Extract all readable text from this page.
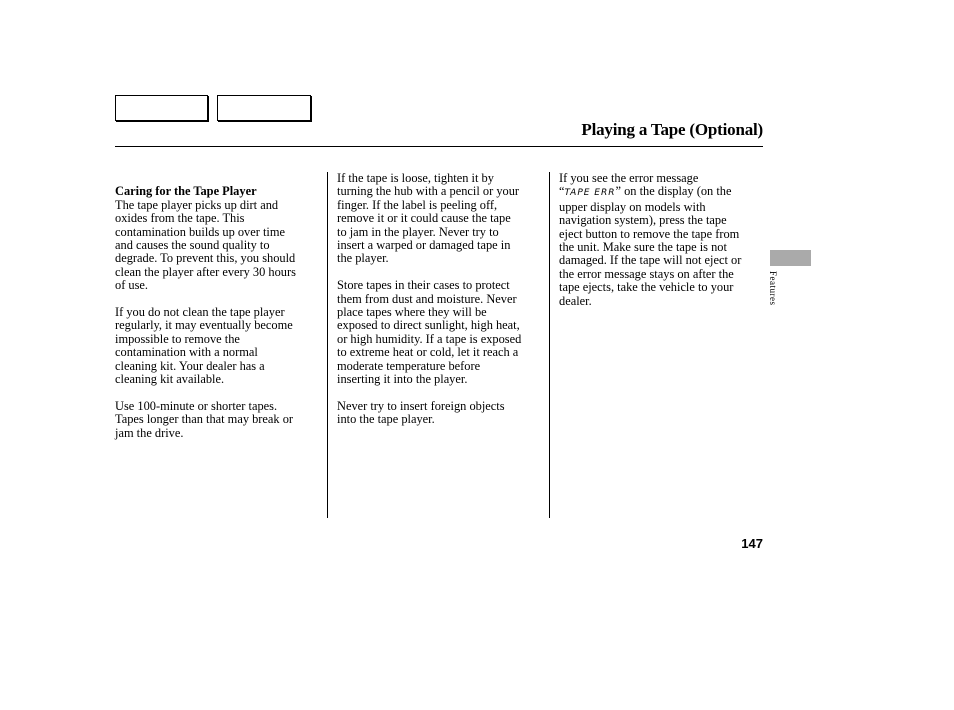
Playing a Tape (Optional)

Caring for the Tape Player
The tape player picks up dirt and
oxides from the tape. This
contamination builds up over time
and causes the sound quality to
degrade. To prevent this, you should
clean the player after every 30 hours
of use.

If you do not clean the tape player
regularly, it may eventually become
impossible to remove the
contamination with a normal
cleaning kit. Your dealer has a
cleaning kit available.

Use 100-minute or shorter tapes.
Tapes longer than that may break or
jam the drive.

If the tape is loose, tighten it by
turning the hub with a pencil or your
finger. If the label is peeling off,
remove it or it could cause the tape
to jam in the player. Never try to
insert a warped or damaged tape in
the player.

Store tapes in their cases to protect
them from dust and moisture. Never
place tapes where they will be
exposed to direct sunlight, high heat,
or high humidity. If a tape is exposed
to extreme heat or cold, let it reach a
moderate temperature before
inserting it into the player.

Never try to insert foreign objects
into the tape player.

If you see the error message
“TAPE ERR” on the display (on the
upper display on models with
navigation system), press the tape
eject button to remove the tape from
the unit. Make sure the tape is not
damaged. If the tape will not eject or
the error message stays on after the
tape ejects, take the vehicle to your
dealer.	Features
147
